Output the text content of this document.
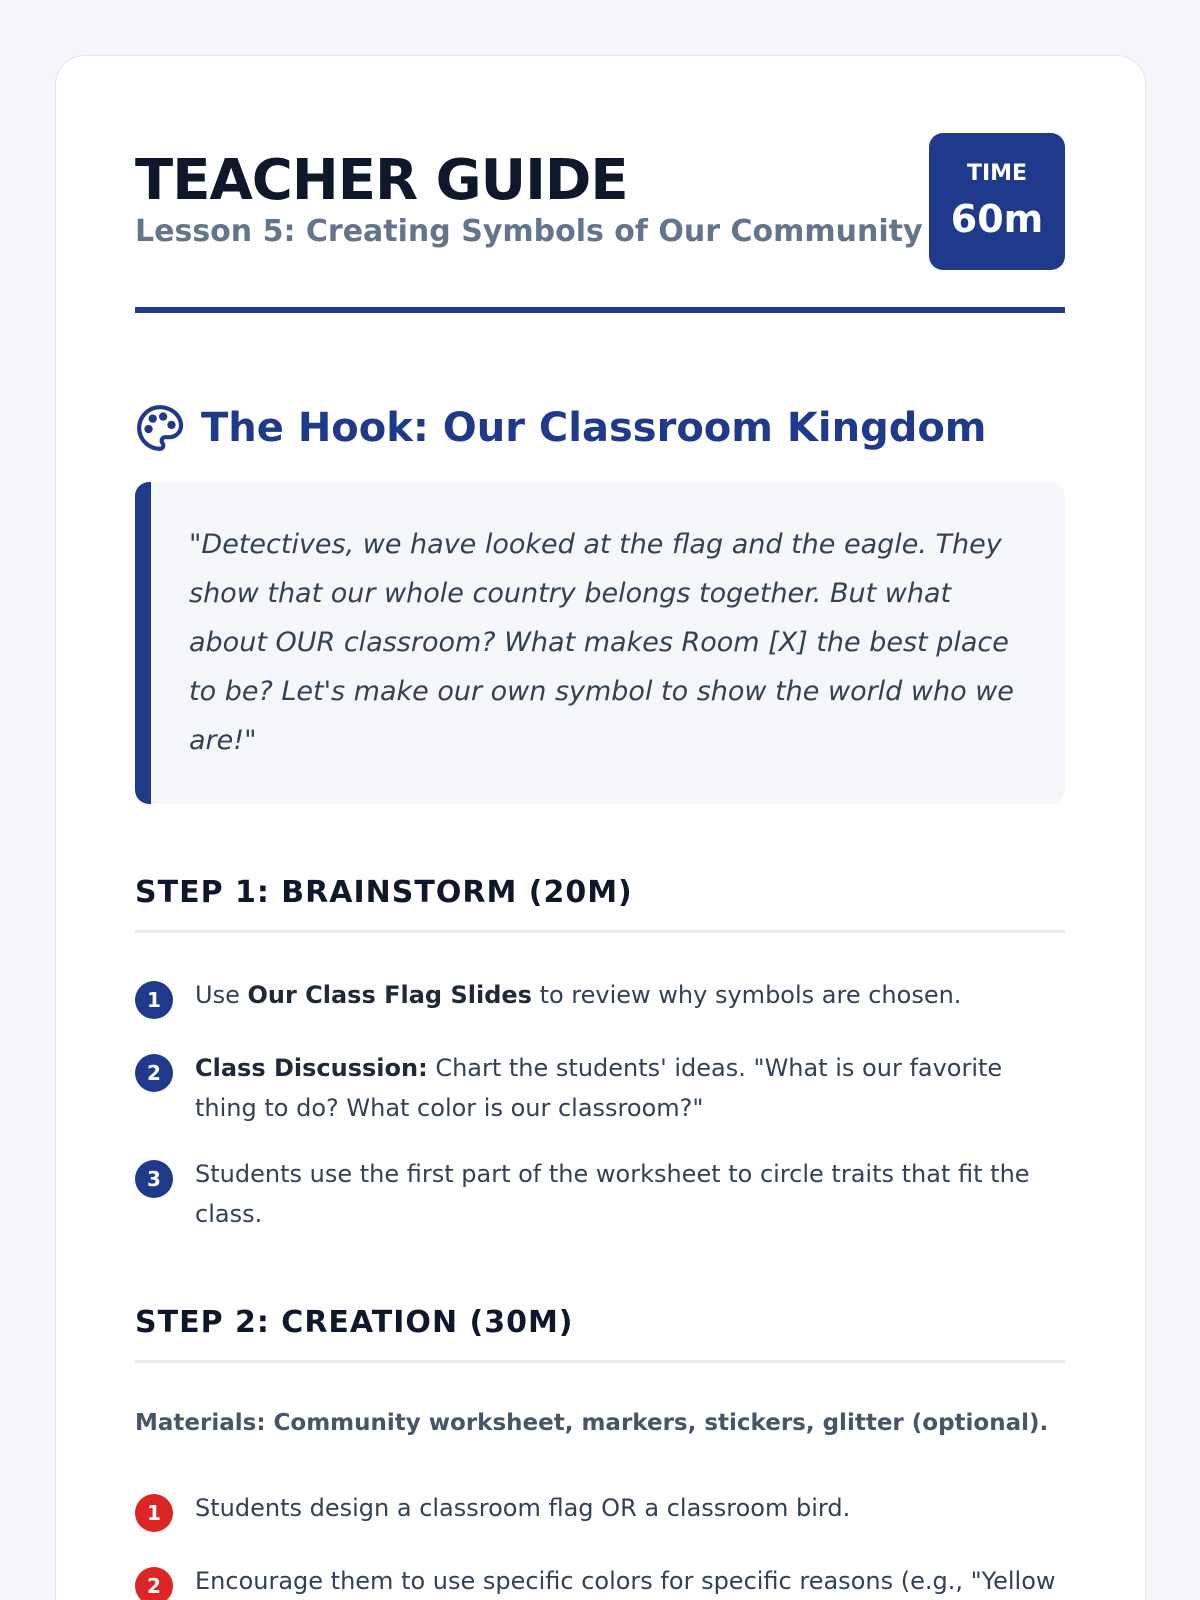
TEACHER GUIDE
Lesson 5: Creating Symbols of Our Community
TIME
60m
The Hook: Our Classroom Kingdom

"Detectives, we have looked at the flag and the eagle. They show that our whole country belongs together. But what about OUR classroom? What makes Room [X] the best place to be? Let's make our own symbol to show the world who we are!"

STEP 1: BRAINSTORM (20M)
1	Use Our Class Flag Slides to review why symbols are chosen.
2	Class Discussion: Chart the students' ideas. "What is our favorite thing to do? What color is our classroom?"
3	Students use the first part of the worksheet to circle traits that fit the class.
STEP 2: CREATION (30M)
Materials: Community worksheet, markers, stickers, glitter (optional).
1	Students design a classroom flag OR a classroom bird.
2	Encourage them to use specific colors for specific reasons (e.g., "Yellow
